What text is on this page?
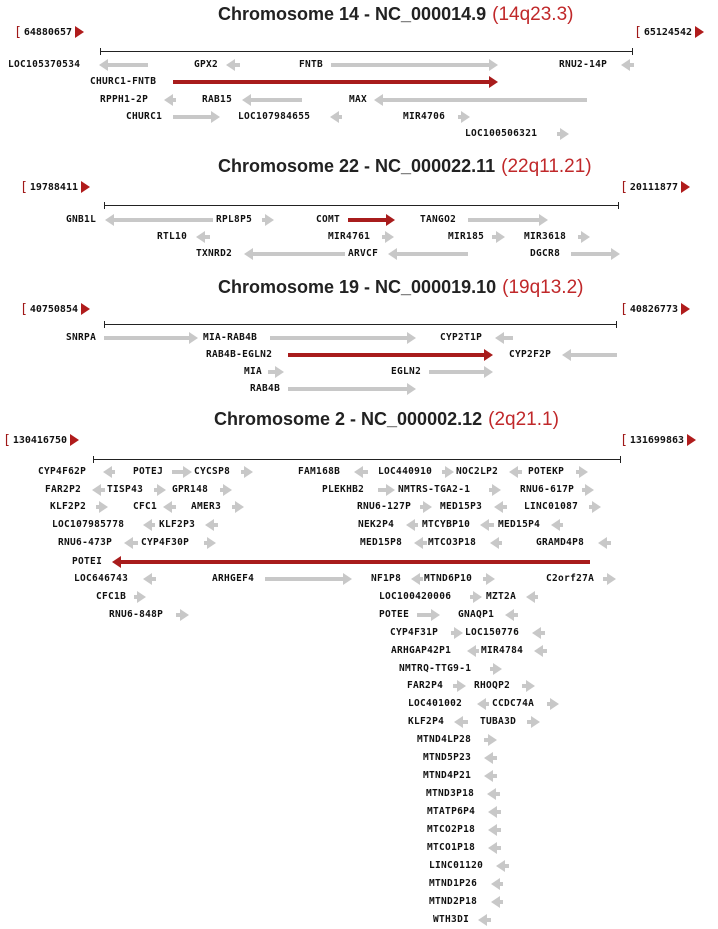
Chromosome 14 - NC_000014.9 (14q23.3)
[ 64880657	[ 65124542
LOC105370534	GPX2	FNTB	RNU2-14P
CHURC1-FNTB
RPPH1-2P	RAB15	MAX
CHURC1	LOC107984655	MIR4706
LOC100506321
Chromosome 22 - NC_000022.11 (22q11.21)
[ 19788411	[ 20111877
GNB1L	RPL8P5	COMT	TANGO2
RTL10	MIR4761	MIR185	MIR3618
TXNRD2	ARVCF	DGCR8
Chromosome 19 - NC_000019.10 (19q13.2)
[ 40750854	[ 40826773
SNRPA	MIA-RAB4B	CYP2T1P
RAB4B-EGLN2	CYP2F2P
MIA	EGLN2
RAB4B
Chromosome 2 - NC_000002.12 (2q21.1)
[ 130416750	[ 131699863
CYP4F62P	POTEJ	CYCSP8	FAM168B	LOC440910	NOC2LP2	POTEKP
FAR2P2	TISP43	GPR148	PLEKHB2	NMTRS-TGA2-1	RNU6-617P
KLF2P2	CFC1	AMER3	RNU6-127P	MED15P3	LINC01087
LOC107985778	KLF2P3	NEK2P4	MTCYBP10	MED15P4
RNU6-473P	CYP4F30P	MED15P8	MTCO3P18	GRAMD4P8
POTEI
LOC646743	ARHGEF4	NF1P8 MTND6P10	C2orf27A
CFC1B	LOC100420006	MZT2A
RNU6-848P	POTEE	GNAQP1
CYP4F31P	LOC150776
ARHGAP42P1	MIR4784
NMTRQ-TTG9-1
FAR2P4	RHOQP2
LOC401002	CCDC74A
KLF2P4	TUBA3D
MTND4LP28
MTND5P23
MTND4P21
MTND3P18
MTATP6P4
MTCO2P18
MTCO1P18
LINC01120
MTND1P26
MTND2P18
WTH3DI
